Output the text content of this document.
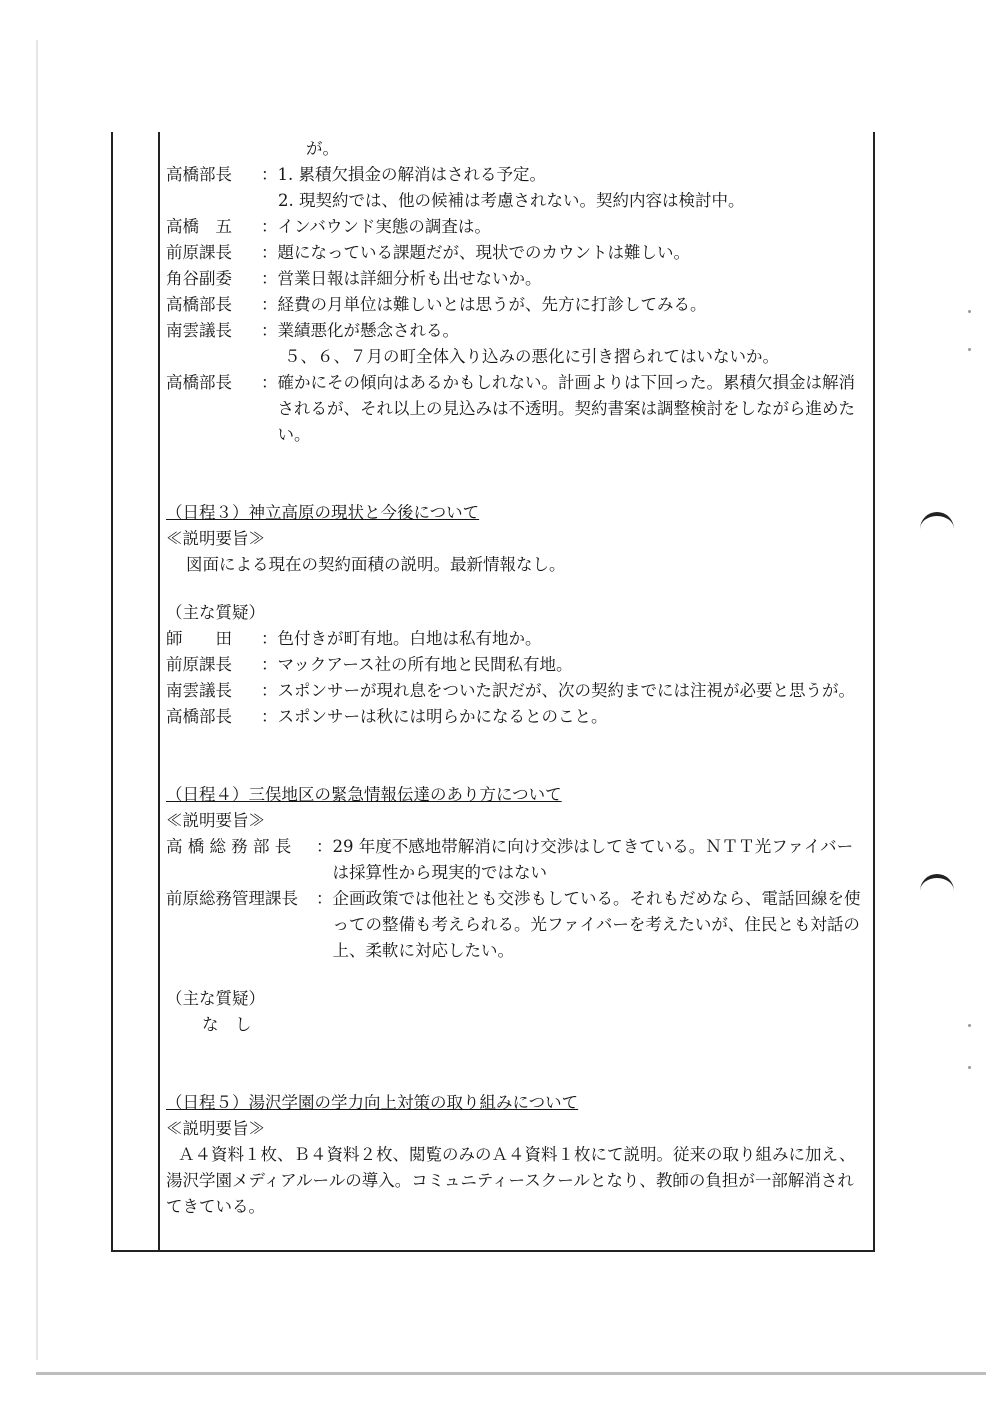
が。
高橋部長	： 1. 累積欠損金の解消はされる予定。
2. 現契約では、他の候補は考慮されない。契約内容は検討中。
高橋　五	： インバウンド実態の調査は。
前原課長	： 題になっている課題だが、現状でのカウントは難しい。
角谷副委	： 営業日報は詳細分析も出せないか。
高橋部長	： 経費の月単位は難しいとは思うが、先方に打診してみる。
南雲議長	： 業績悪化が懸念される。
５、６、７月の町全体入り込みの悪化に引き摺られてはいないか。
高橋部長	： 確かにその傾向はあるかもしれない。計画よりは下回った。累積欠損金は解消されるが、それ以上の見込みは不透明。契約書案は調整検討をしながら進めたい。
（日程３）神立高原の現状と今後について
≪説明要旨≫
図面による現在の契約面積の説明。最新情報なし。
（主な質疑）
師　　田	： 色付きが町有地。白地は私有地か。
前原課長	： マックアース社の所有地と民間私有地。
南雲議長	： スポンサーが現れ息をついた訳だが、次の契約までには注視が必要と思うが。
高橋部長	： スポンサーは秋には明らかになるとのこと。
（日程４）三俣地区の緊急情報伝達のあり方について
≪説明要旨≫
高 橋 総 務 部 長	： 29 年度不感地帯解消に向け交渉はしてきている。ＮＴＴ光ファイバーは採算性から現実的ではない
前原総務管理課長	： 企画政策では他社とも交渉もしている。それもだめなら、電話回線を使っての整備も考えられる。光ファイバーを考えたいが、住民とも対話の上、柔軟に対応したい。
（主な質疑）
な　し
（日程５）湯沢学園の学力向上対策の取り組みについて
≪説明要旨≫
Ａ４資料１枚、Ｂ４資料２枚、閲覧のみのＡ４資料１枚にて説明。従来の取り組みに加え、湯沢学園メディアルールの導入。コミュニティースクールとなり、教師の負担が一部解消されてきている。
